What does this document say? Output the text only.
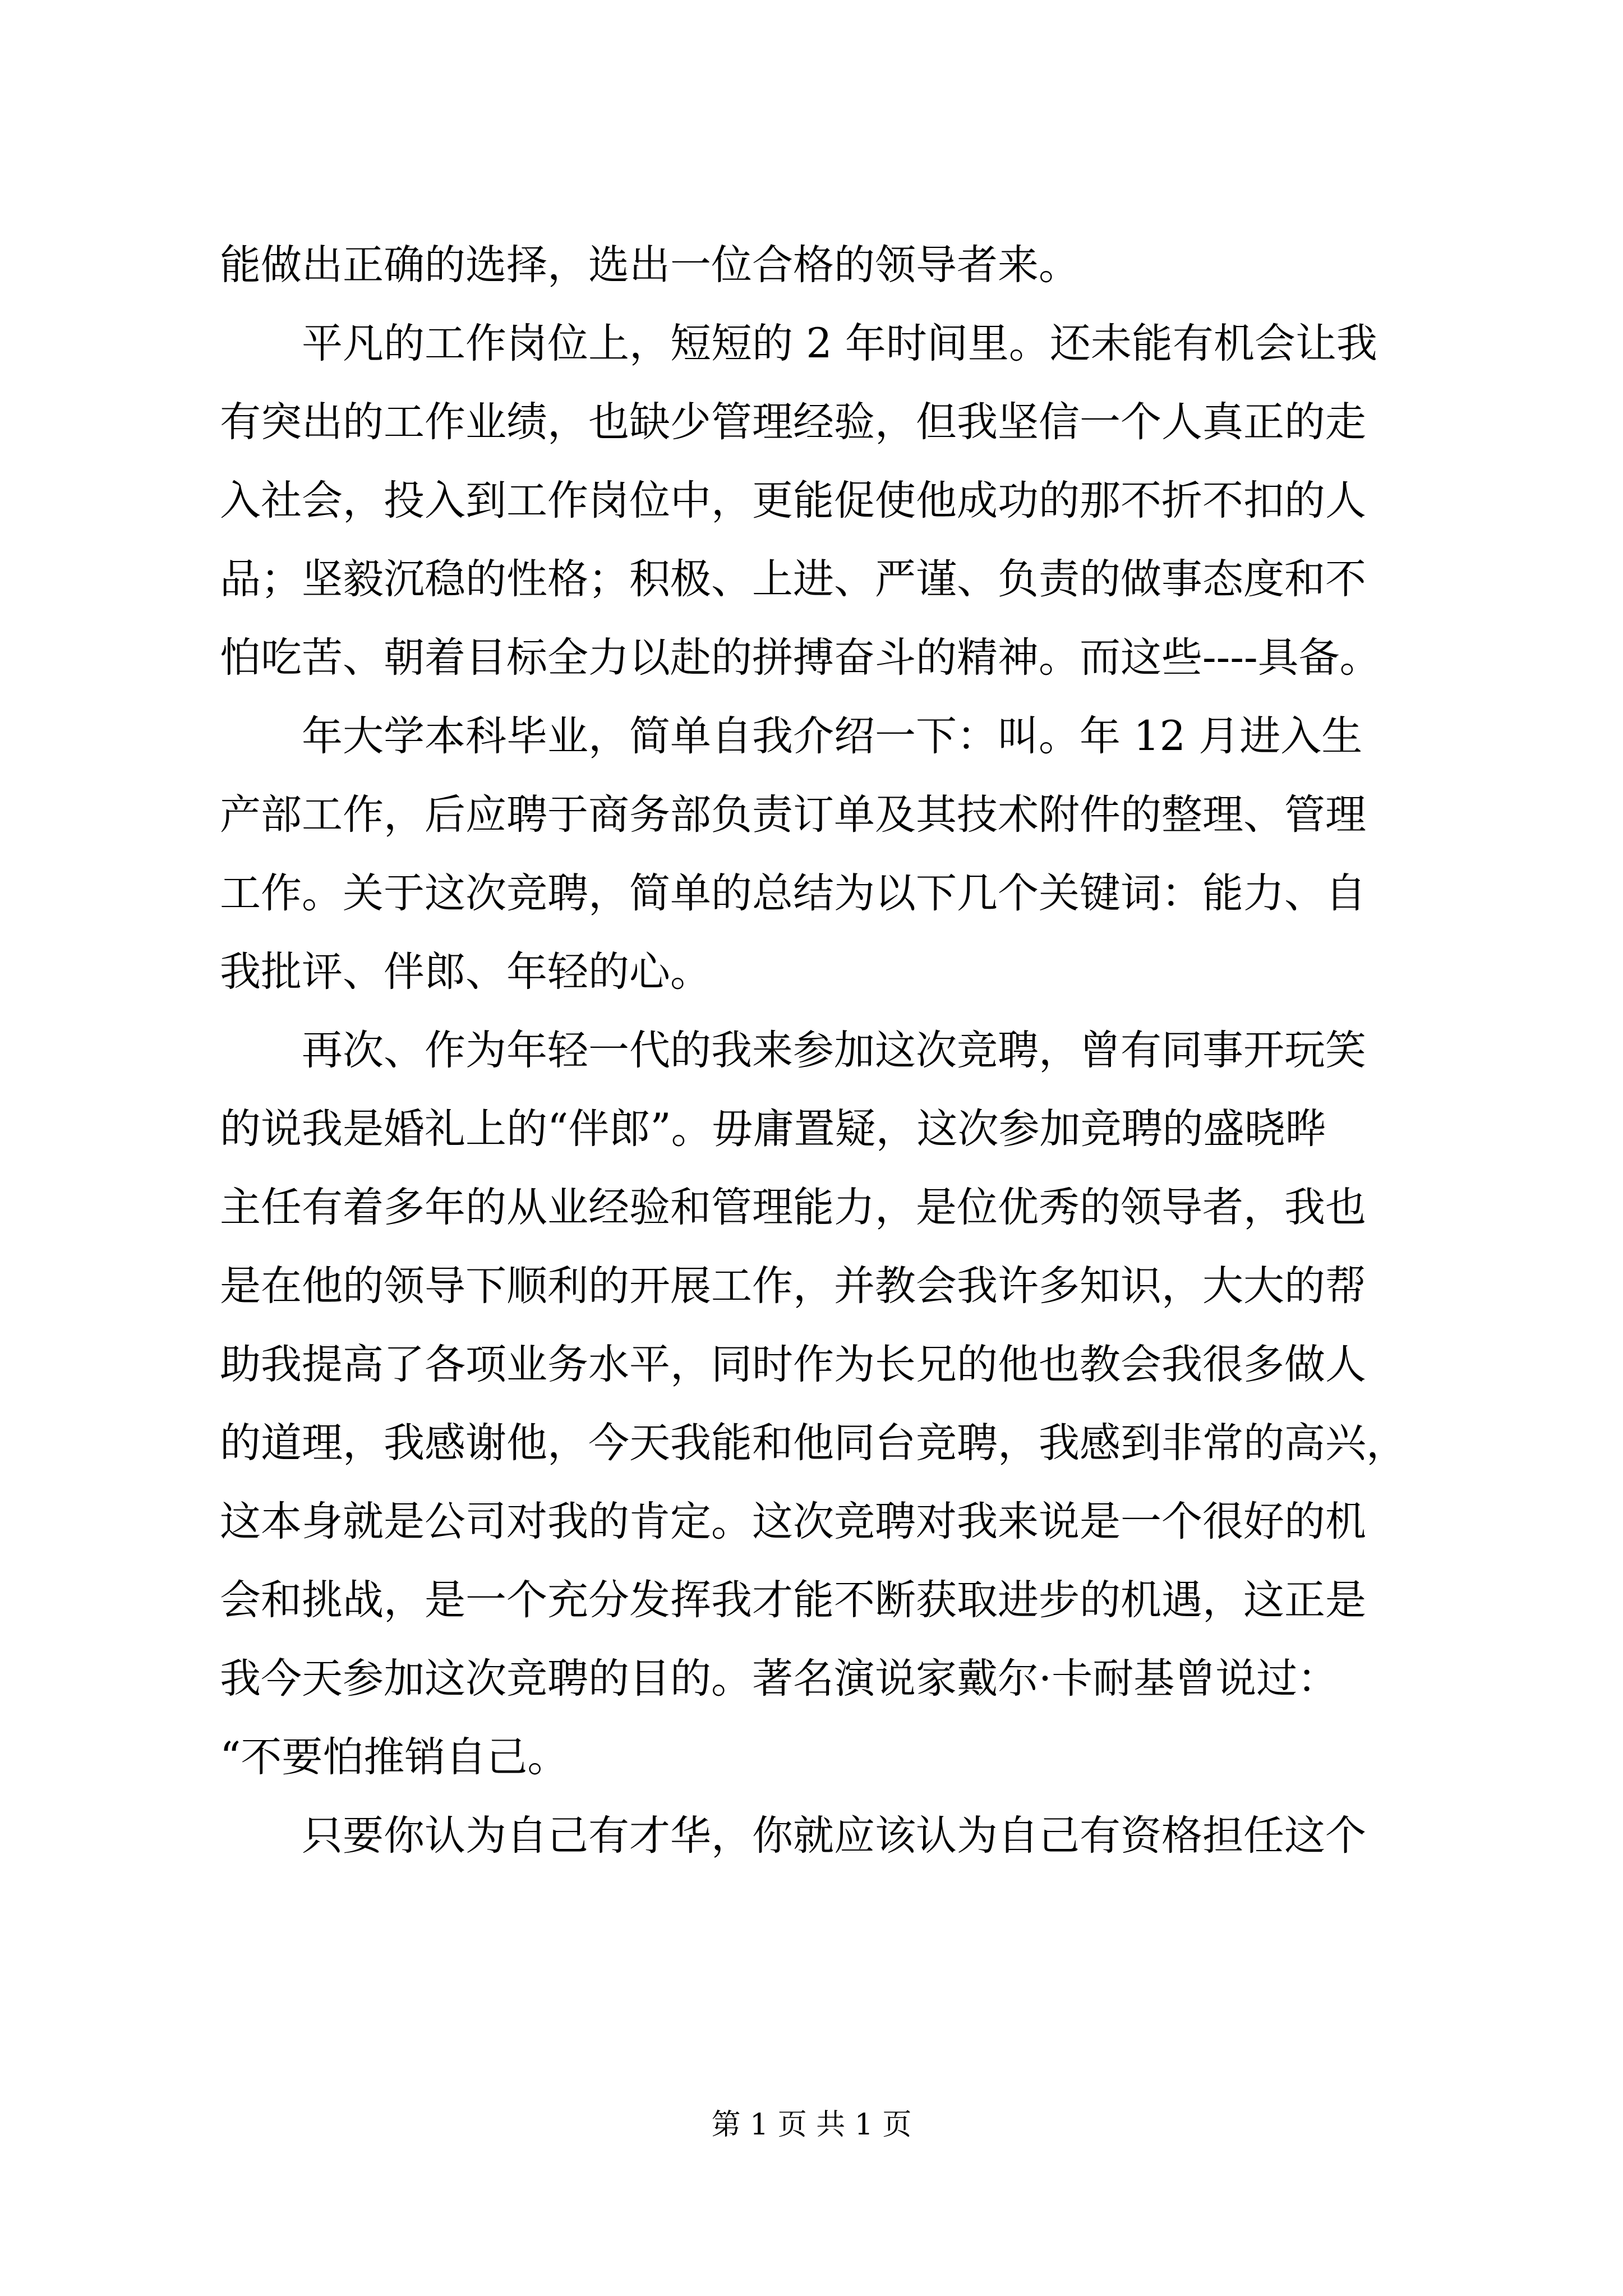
能做出正确的选择，选出一位合格的领导者来。
平凡的工作岗位上，短短的 2 年时间里。还未能有机会让我
有突出的工作业绩，也缺少管理经验，但我坚信一个人真正的走
入社会，投入到工作岗位中，更能促使他成功的那不折不扣的人
品；坚毅沉稳的性格；积极、上进、严谨、负责的做事态度和不
怕吃苦、朝着目标全力以赴的拼搏奋斗的精神。而这些----具备。
年大学本科毕业，简单自我介绍一下：叫。年 12 月进入生
产部工作，后应聘于商务部负责订单及其技术附件的整理、管理
工作。关于这次竞聘，简单的总结为以下几个关键词：能力、自
我批评、伴郎、年轻的心。
再次、作为年轻一代的我来参加这次竞聘，曾有同事开玩笑
的说我是婚礼上的“伴郎”。毋庸置疑，这次参加竞聘的盛晓晔
主任有着多年的从业经验和管理能力，是位优秀的领导者，我也
是在他的领导下顺利的开展工作，并教会我许多知识，大大的帮
助我提高了各项业务水平，同时作为长兄的他也教会我很多做人
的道理，我感谢他，今天我能和他同台竞聘，我感到非常的高兴，
这本身就是公司对我的肯定。这次竞聘对我来说是一个很好的机
会和挑战，是一个充分发挥我才能不断获取进步的机遇，这正是
我今天参加这次竞聘的目的。著名演说家戴尔·卡耐基曾说过：
“不要怕推销自己。
只要你认为自己有才华，你就应该认为自己有资格担任这个
第 1 页 共 1 页
